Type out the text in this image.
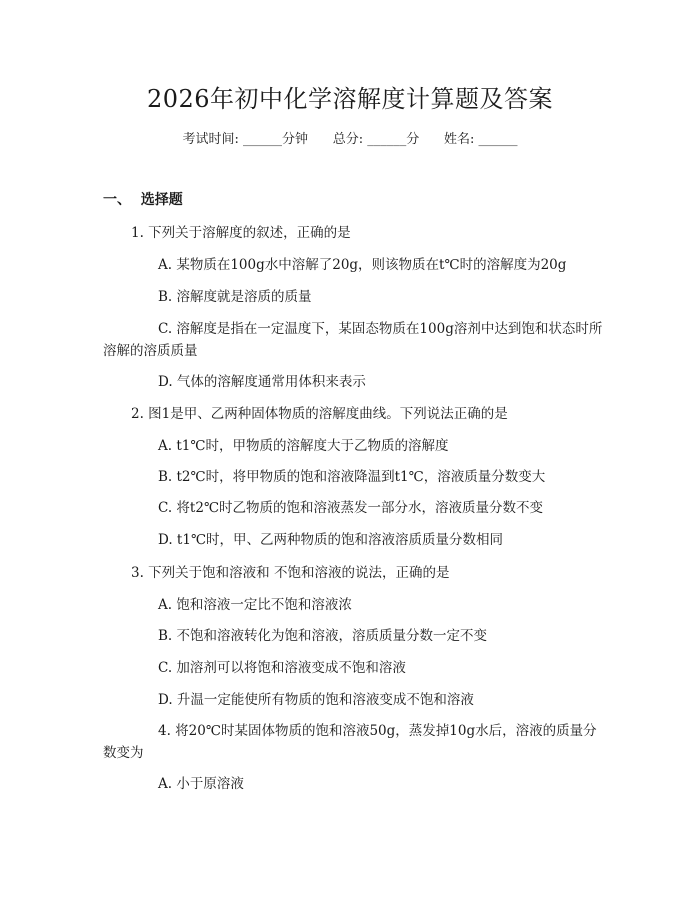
2026年初中化学溶解度计算题及答案
考试时间: ______分钟      总分: ______分      姓名: ______
一、  选择题
1. 下列关于溶解度的叙述，正确的是
A. 某物质在100g水中溶解了20g，则该物质在t℃时的溶解度为20g
B. 溶解度就是溶质的质量
C. 溶解度是指在一定温度下，某固态物质在100g溶剂中达到饱和状态时所溶解的溶质质量
D. 气体的溶解度通常用体积来表示
2. 图1是甲、乙两种固体物质的溶解度曲线。下列说法正确的是
A. t1℃时，甲物质的溶解度大于乙物质的溶解度
B. t2℃时，将甲物质的饱和溶液降温到t1℃，溶液质量分数变大
C. 将t2℃时乙物质的饱和溶液蒸发一部分水，溶液质量分数不变
D. t1℃时，甲、乙两种物质的饱和溶液溶质质量分数相同
3. 下列关于饱和溶液和 不饱和溶液的说法，正确的是
A. 饱和溶液一定比不饱和溶液浓
B. 不饱和溶液转化为饱和溶液，溶质质量分数一定不变
C. 加溶剂可以将饱和溶液变成不饱和溶液
D. 升温一定能使所有物质的饱和溶液变成不饱和溶液
4. 将20℃时某固体物质的饱和溶液50g，蒸发掉10g水后，溶液的质量分数变为
A. 小于原溶液
